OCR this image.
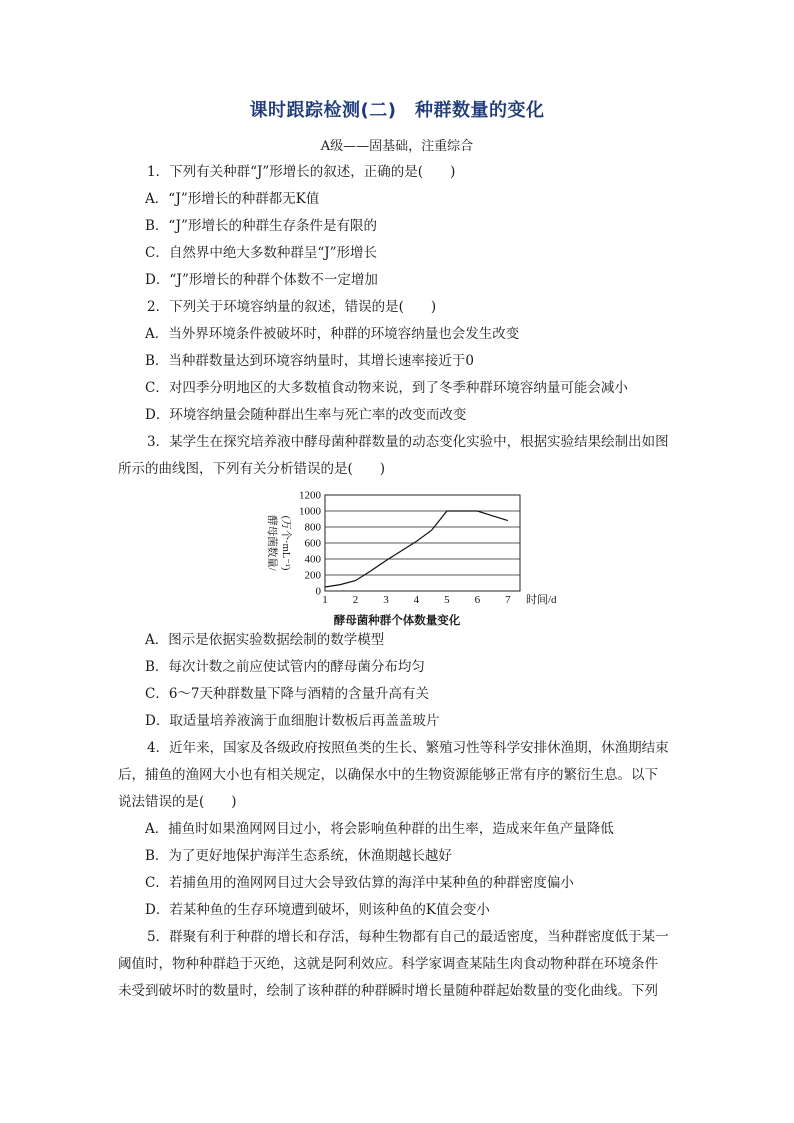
课时跟踪检测(二)　种群数量的变化
A级——固基础，注重综合
1．下列有关种群“J”形增长的叙述，正确的是(　　)
A．“J”形增长的种群都无K值
B．“J”形增长的种群生存条件是有限的
C．自然界中绝大多数种群呈“J”形增长
D．“J”形增长的种群个体数不一定增加
2．下列关于环境容纳量的叙述，错误的是(　　)
A．当外界环境条件被破坏时，种群的环境容纳量也会发生改变
B．当种群数量达到环境容纳量时，其增长速率接近于0
C．对四季分明地区的大多数植食动物来说，到了冬季种群环境容纳量可能会减小
D．环境容纳量会随种群出生率与死亡率的改变而改变
3．某学生在探究培养液中酵母菌种群数量的动态变化实验中，根据实验结果绘制出如图
所示的曲线图，下列有关分析错误的是(　　)
0
200
400
600
800
1000
1200
1 2 3 4 5 6 7 时间/d
酵母菌数量/ (万个·mL⁻¹)
酵母菌种群个体数量变化
A．图示是依据实验数据绘制的数学模型
B．每次计数之前应使试管内的酵母菌分布均匀
C．6～7天种群数量下降与酒精的含量升高有关
D．取适量培养液滴于血细胞计数板后再盖盖玻片
4．近年来，国家及各级政府按照鱼类的生长、繁殖习性等科学安排休渔期，休渔期结束
后，捕鱼的渔网大小也有相关规定，以确保水中的生物资源能够正常有序的繁衍生息。以下
说法错误的是(　　)
A．捕鱼时如果渔网网目过小，将会影响鱼种群的出生率，造成来年鱼产量降低
B．为了更好地保护海洋生态系统，休渔期越长越好
C．若捕鱼用的渔网网目过大会导致估算的海洋中某种鱼的种群密度偏小
D．若某种鱼的生存环境遭到破坏，则该种鱼的K值会变小
5．群聚有利于种群的增长和存活，每种生物都有自己的最适密度，当种群密度低于某一
阈值时，物种种群趋于灭绝，这就是阿利效应。科学家调查某陆生肉食动物种群在环境条件
未受到破坏时的数量时，绘制了该种群的种群瞬时增长量随种群起始数量的变化曲线。下列
